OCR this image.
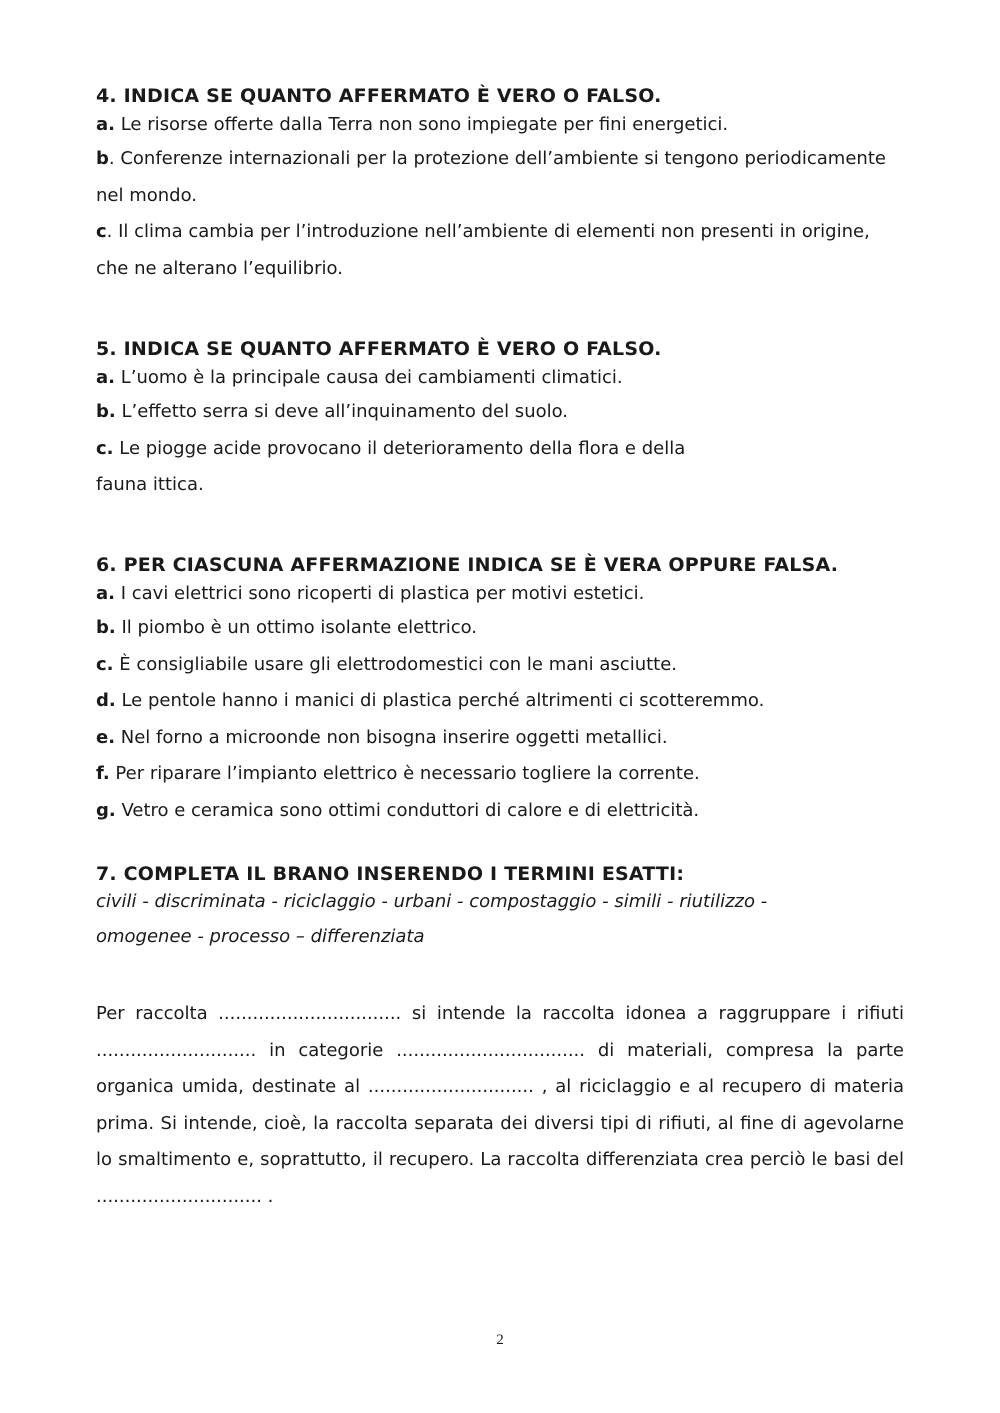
4. INDICA SE QUANTO AFFERMATO È VERO O FALSO.

a. Le risorse offerte dalla Terra non sono impiegate per fini energetici.

b. Conferenze internazionali per la protezione dell’ambiente si tengono periodicamente nel mondo.

c. Il clima cambia per l’introduzione nell’ambiente di elementi non presenti in origine, che ne alterano l’equilibrio.

5. INDICA SE QUANTO AFFERMATO È VERO O FALSO.

a. L’uomo è la principale causa dei cambiamenti climatici.

b. L’effetto serra si deve all’inquinamento del suolo.

c. Le piogge acide provocano il deterioramento della flora e della fauna ittica.

6. PER CIASCUNA AFFERMAZIONE INDICA SE È VERA OPPURE FALSA.

a. I cavi elettrici sono ricoperti di plastica per motivi estetici.

b. Il piombo è un ottimo isolante elettrico.

c. È consigliabile usare gli elettrodomestici con le mani asciutte.

d. Le pentole hanno i manici di plastica perché altrimenti ci scotteremmo.

e. Nel forno a microonde non bisogna inserire oggetti metallici.

f. Per riparare l’impianto elettrico è necessario togliere la corrente.

g. Vetro e ceramica sono ottimi conduttori di calore e di elettricità.

7. COMPLETA IL BRANO INSERENDO I TERMINI ESATTI:

civili - discriminata - riciclaggio - urbani - compostaggio - simili - riutilizzo -

omogenee - processo – differenziata

Per raccolta ................................ si intende la raccolta idonea a raggruppare i rifiuti ............................ in categorie ................................. di materiali, compresa la parte organica umida, destinate al ............................. , al riciclaggio e al recupero di materia prima. Si intende, cioè, la raccolta separata dei diversi tipi di rifiuti, al fine di agevolarne lo smaltimento e, soprattutto, il recupero. La raccolta differenziata crea perciò le basi del ............................. .

2
